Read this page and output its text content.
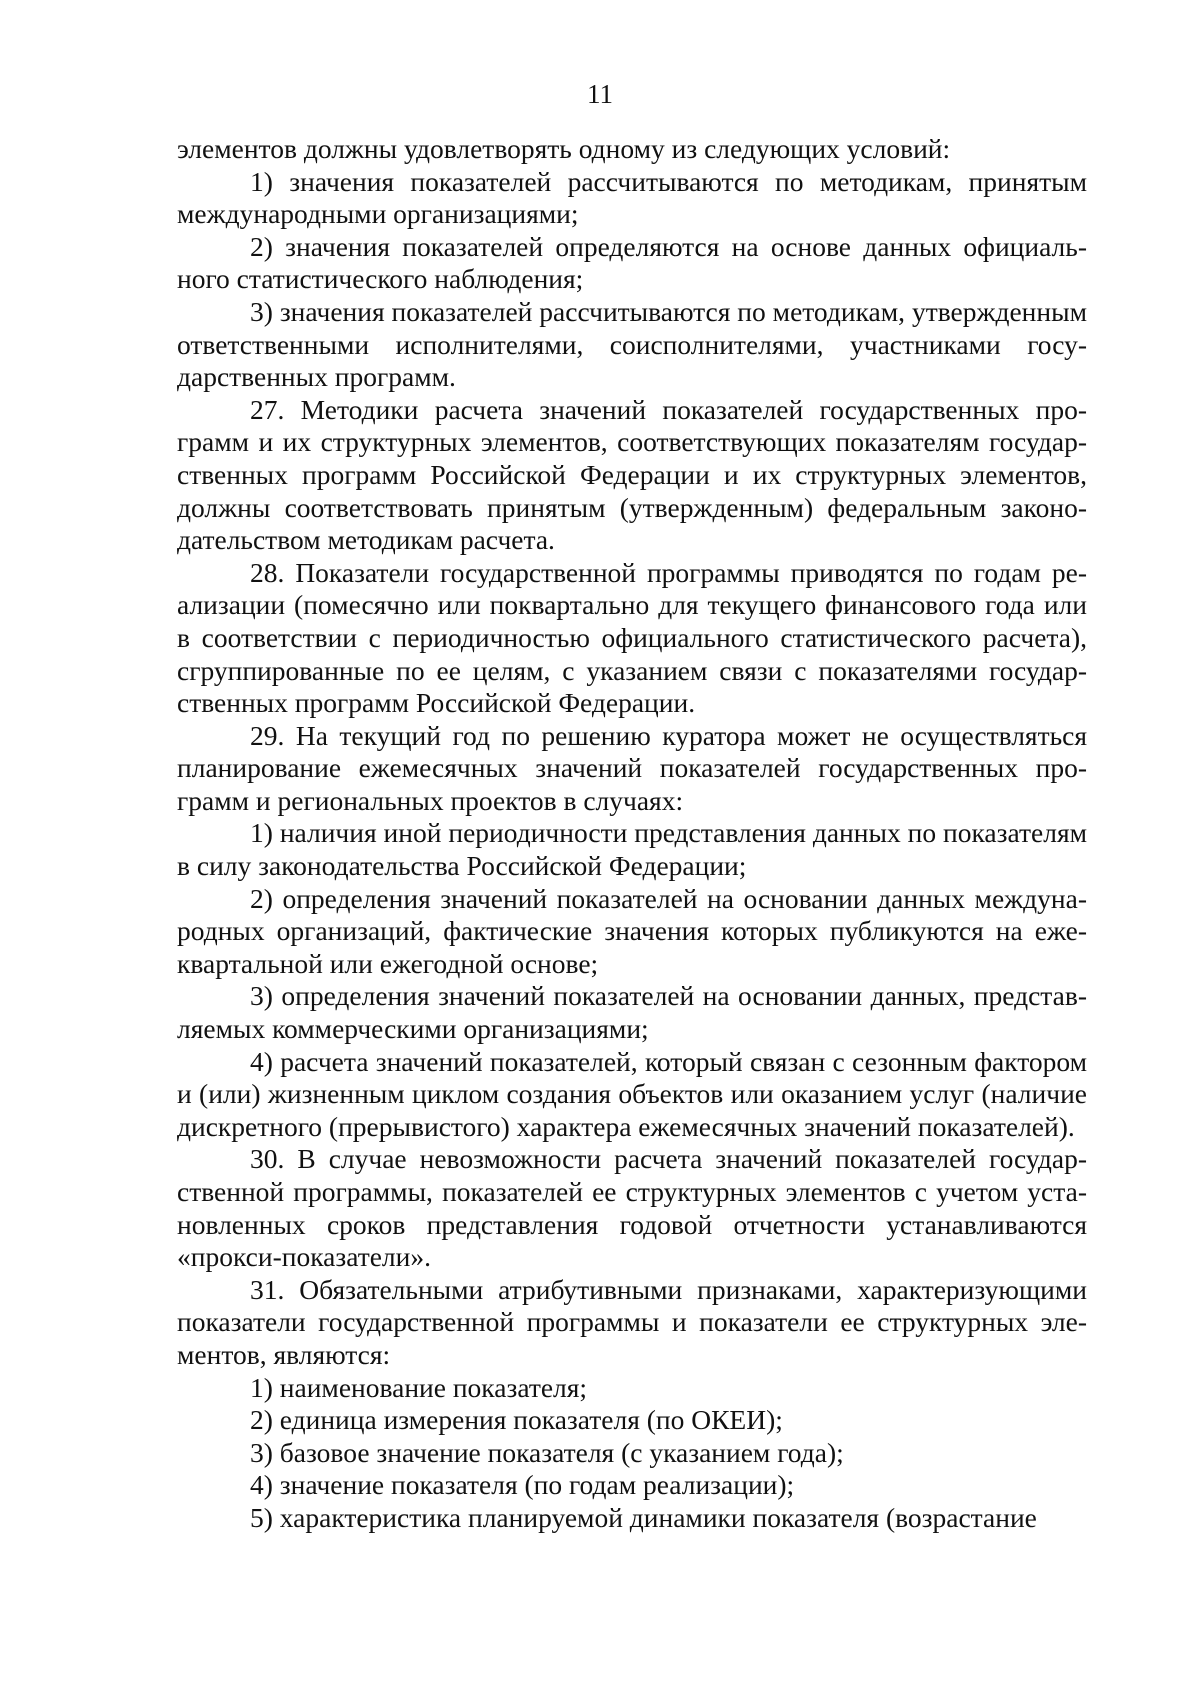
11

элементов должны удовлетворять одному из следующих условий:

1) значения показателей рассчитываются по методикам, принятым международными организациями;

2) значения показателей определяются на основе данных официального статистического наблюдения;

3) значения показателей рассчитываются по методикам, утвержденным ответственными исполнителями, соисполнителями, участниками государственных программ.

27. Методики расчета значений показателей государственных программ и их структурных элементов, соответствующих показателям государственных программ Российской Федерации и их структурных элементов, должны соответствовать принятым (утвержденным) федеральным законодательством методикам расчета.

28. Показатели государственной программы приводятся по годам реализации (помесячно или поквартально для текущего финансового года или в соответствии с периодичностью официального статистического расчета), сгруппированные по ее целям, с указанием связи с показателями государственных программ Российской Федерации.

29. На текущий год по решению куратора может не осуществляться планирование ежемесячных значений показателей государственных программ и региональных проектов в случаях:

1) наличия иной периодичности представления данных по показателям в силу законодательства Российской Федерации;

2) определения значений показателей на основании данных международных организаций, фактические значения которых публикуются на ежеквартальной или ежегодной основе;

3) определения значений показателей на основании данных, представляемых коммерческими организациями;

4) расчета значений показателей, который связан с сезонным фактором и (или) жизненным циклом создания объектов или оказанием услуг (наличие дискретного (прерывистого) характера ежемесячных значений показателей).

30. В случае невозможности расчета значений показателей государственной программы, показателей ее структурных элементов с учетом установленных сроков представления годовой отчетности устанавливаются «прокси-показатели».

31. Обязательными атрибутивными признаками, характеризующими показатели государственной программы и показатели ее структурных элементов, являются:

1) наименование показателя;

2) единица измерения показателя (по ОКЕИ);

3) базовое значение показателя (с указанием года);

4) значение показателя (по годам реализации);

5) характеристика планируемой динамики показателя (возрастание
